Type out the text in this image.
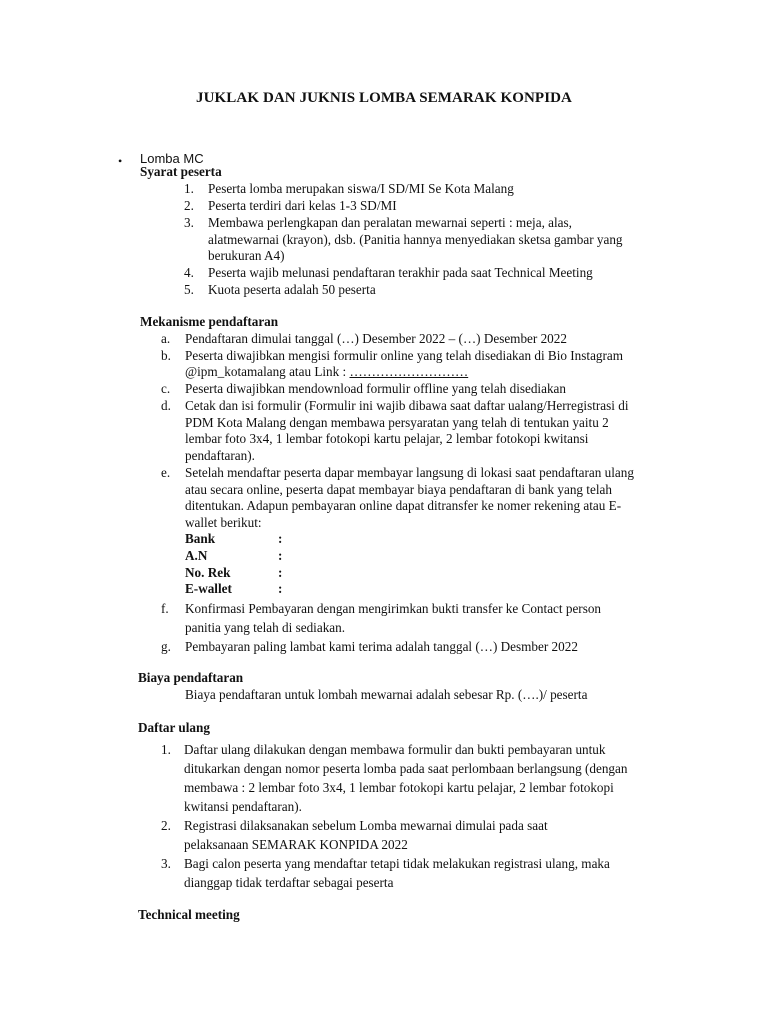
JUKLAK DAN JUKNIS LOMBA SEMARAK KONPIDA
• Lomba MC
Syarat peserta
1. Peserta lomba merupakan siswa/I SD/MI Se Kota Malang
2. Peserta terdiri dari kelas 1-3 SD/MI
3. Membawa perlengkapan dan peralatan mewarnai seperti : meja, alas,
alatmewarnai (krayon), dsb. (Panitia hannya menyediakan sketsa gambar yang
berukuran A4)
4. Peserta wajib melunasi pendaftaran terakhir pada saat Technical Meeting
5. Kuota peserta adalah 50 peserta
Mekanisme pendaftaran
a. Pendaftaran dimulai tanggal (…) Desember 2022 – (…) Desember 2022
b. Peserta diwajibkan mengisi formulir online yang telah disediakan di Bio Instagram
@ipm_kotamalang atau Link : ………………………
c. Peserta diwajibkan mendownload formulir offline yang telah disediakan
d. Cetak dan isi formulir (Formulir ini wajib dibawa saat daftar ualang/Herregistrasi di
PDM Kota Malang dengan membawa persyaratan yang telah di tentukan yaitu 2
lembar foto 3x4, 1 lembar fotokopi kartu pelajar, 2 lembar fotokopi kwitansi
pendaftaran).
e. Setelah mendaftar peserta dapar membayar langsung di lokasi saat pendaftaran ulang
atau secara online, peserta dapat membayar biaya pendaftaran di bank yang telah
ditentukan. Adapun pembayaran online dapat ditransfer ke nomer rekening atau E-
wallet berikut:
Bank	:
A.N	:
No. Rek	:
E-wallet	:
f. Konfirmasi Pembayaran dengan mengirimkan bukti transfer ke Contact person
panitia yang telah di sediakan.
g. Pembayaran paling lambat kami terima adalah tanggal (…) Desmber 2022
Biaya pendaftaran
Biaya pendaftaran untuk lombah mewarnai adalah sebesar Rp. (….)/ peserta
Daftar ulang
1. Daftar ulang dilakukan dengan membawa formulir dan bukti pembayaran untuk
ditukarkan dengan nomor peserta lomba pada saat perlombaan berlangsung (dengan
membawa : 2 lembar foto 3x4, 1 lembar fotokopi kartu pelajar, 2 lembar fotokopi
kwitansi pendaftaran).
2. Registrasi dilaksanakan sebelum Lomba mewarnai dimulai pada saat
pelaksanaan SEMARAK KONPIDA 2022
3. Bagi calon peserta yang mendaftar tetapi tidak melakukan registrasi ulang, maka
dianggap tidak terdaftar sebagai peserta
Technical meeting
